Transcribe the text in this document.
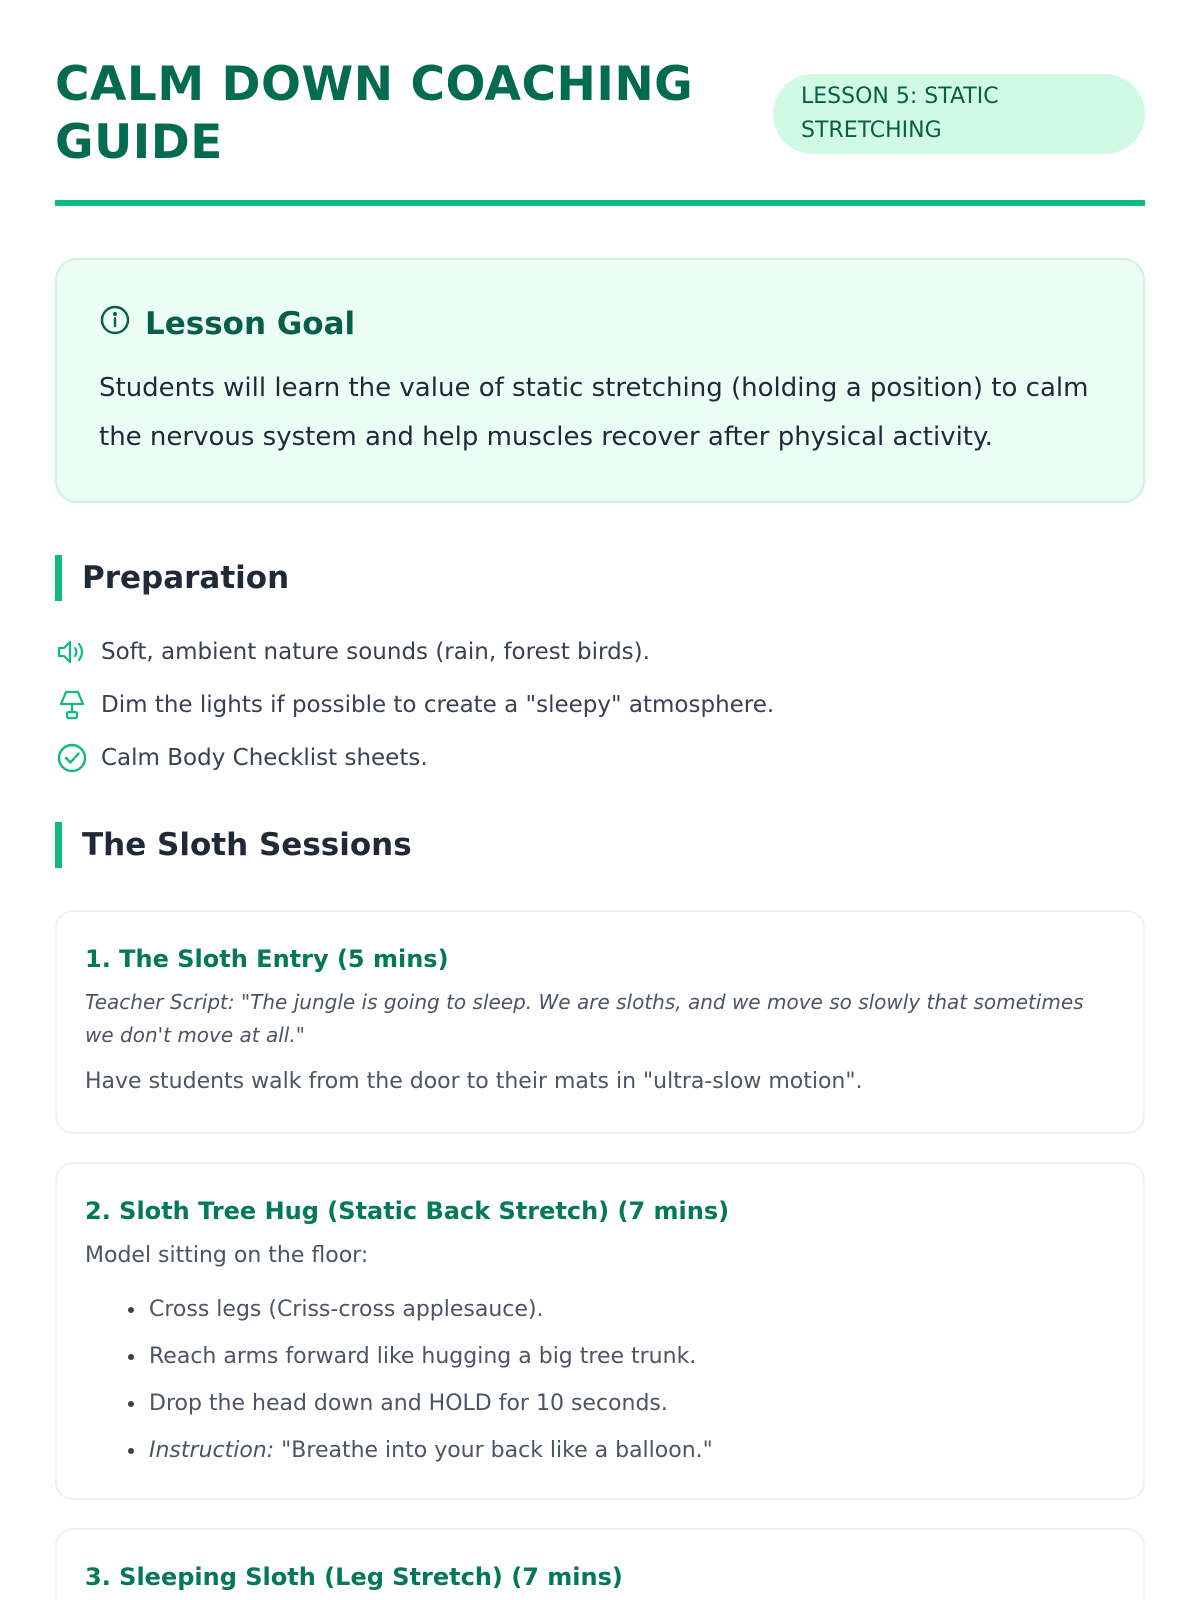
CALM DOWN COACHING GUIDE
LESSON 5: STATIC STRETCHING
Lesson Goal

Students will learn the value of static stretching (holding a position) to calm the nervous system and help muscles recover after physical activity.

Preparation
Soft, ambient nature sounds (rain, forest birds).
Dim the lights if possible to create a "sleepy" atmosphere.
Calm Body Checklist sheets.
The Sloth Sessions
1. The Sloth Entry (5 mins)

Teacher Script: "The jungle is going to sleep. We are sloths, and we move so slowly that sometimes we don't move at all."

Have students walk from the door to their mats in "ultra-slow motion".

2. Sloth Tree Hug (Static Back Stretch) (7 mins)

Model sitting on the floor:

• Cross legs (Criss-cross applesauce).
• Reach arms forward like hugging a big tree trunk.
• Drop the head down and HOLD for 10 seconds.
• Instruction: "Breathe into your back like a balloon."
3. Sleeping Sloth (Leg Stretch) (7 mins)
